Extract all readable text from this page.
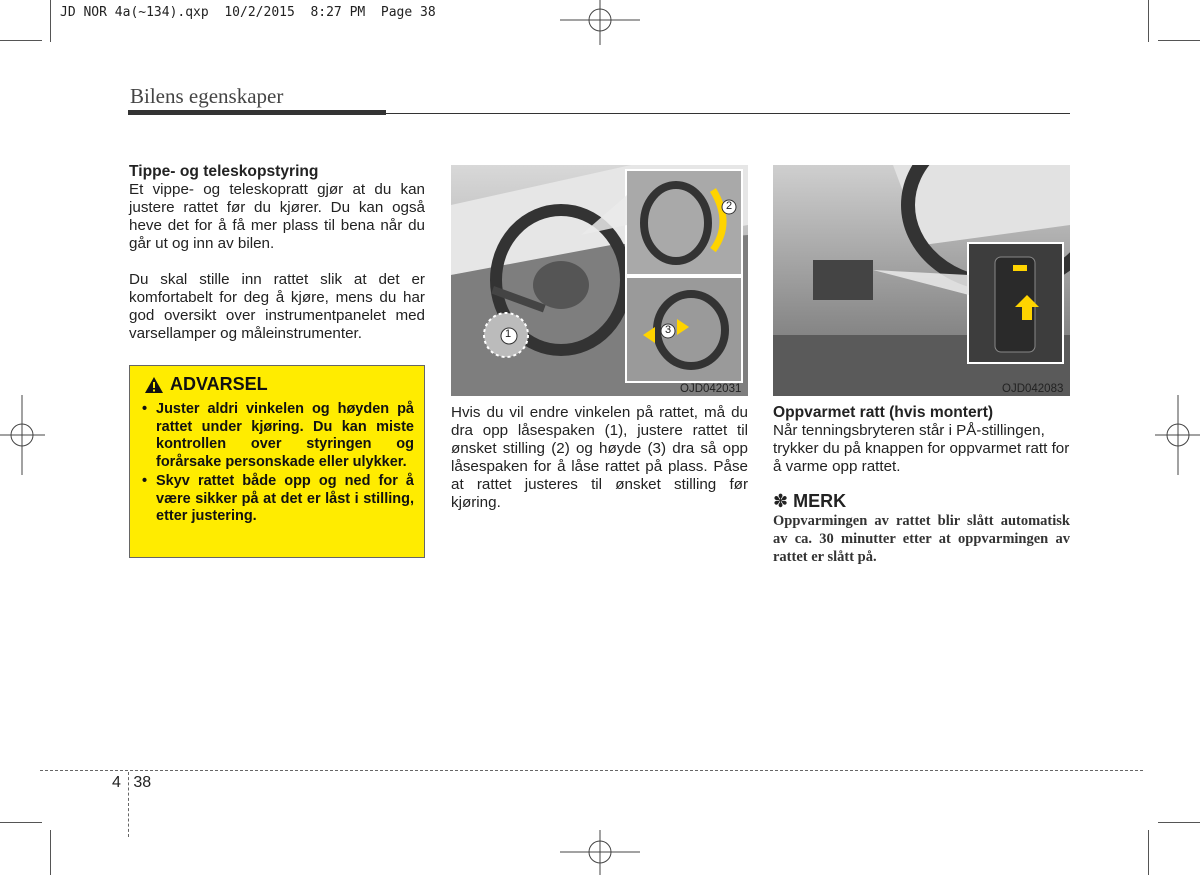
JD NOR 4a(~134).qxp  10/2/2015  8:27 PM  Page 38
Bilens egenskaper

Tippe- og teleskopstyring

Et vippe- og teleskopratt gjør at du kan justere rattet før du kjører. Du kan også heve det for å få mer plass til bena når du går ut og inn av bilen.

Du skal stille inn rattet slik at det er komfortabelt for deg å kjøre, mens du har god oversikt over instrumentpanelet med varsellamper og måleinstrumenter.

ADVARSEL
• Juster aldri vinkelen og høyden på rattet under kjøring. Du kan miste kontrollen over styringen og forårsake personskade eller ulykker.
• Skyv rattet både opp og ned for å være sikker på at det er låst i stilling, etter justering.
1
2
3
OJD042031

Hvis du vil endre vinkelen på rattet, må du dra opp låsespaken (1), justere rattet til ønsket stilling (2) og høyde (3) dra så opp låsespaken for å låse rattet på plass. Påse at rattet justeres til ønsket stilling før kjøring.

OJD042083

Oppvarmet ratt (hvis montert)

Når tenningsbryteren står i PÅ-stillingen, trykker du på knappen for oppvarmet ratt for å varme opp rattet.

✽ MERK

Oppvarmingen av rattet blir slått automatisk av ca. 30 minutter etter at oppvarmingen av rattet er slått på.

4 38
